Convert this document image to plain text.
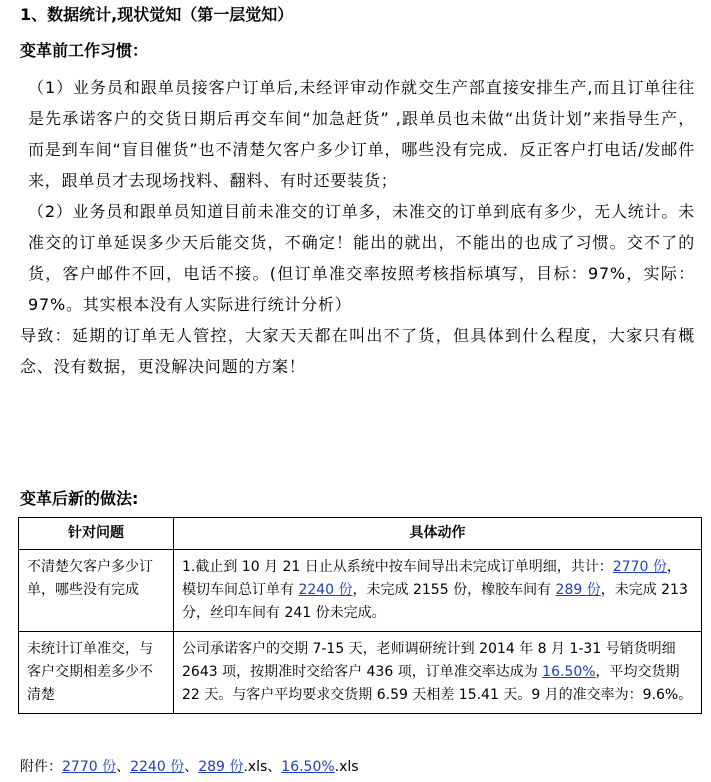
1、数据统计,现状觉知（第一层觉知）
变革前工作习惯：

（1）业务员和跟单员接客户订单后,未经评审动作就交生产部直接安排生产,而且订单往往是先承诺客户的交货日期后再交车间“加急赶货” ,跟单员也未做“出货计划”来指导生产，而是到车间“盲目催货”也不清楚欠客户多少订单，哪些没有完成．反正客户打电话/发邮件来，跟单员才去现场找料、翻料、有时还要装货；

（2）业务员和跟单员知道目前未准交的订单多，未准交的订单到底有多少，无人统计。未准交的订单延误多少天后能交货，不确定！能出的就出，不能出的也成了习惯。交不了的货，客户邮件不回，电话不接。(但订单准交率按照考核指标填写，目标：97%，实际：97%。其实根本没有人实际进行统计分析）

导致：延期的订单无人管控，大家天天都在叫出不了货，但具体到什么程度，大家只有概念、没有数据，更没解决问题的方案！

变革后新的做法:
针对问题	具体动作
不清楚欠客户多少订单，哪些没有完成	1.截止到 10 月 21 日止从系统中按车间导出未完成订单明细，共计：2770 份，模切车间总订单有 2240 份，未完成 2155 份，橡胶车间有 289 份，未完成 213 分，丝印车间有 241 份未完成。
未统计订单准交，与客户交期相差多少不清楚	公司承诺客户的交期 7-15 天，老师调研统计到 2014 年 8 月 1-31 号销货明细 2643 项，按期准时交给客户 436 项，订单准交率达成为 16.50%，平均交货期 22 天。与客户平均要求交货期 6.59 天相差 15.41 天。9 月的准交率为：9.6%。
附件：2770 份、2240 份、289 份.xls、16.50%.xls
